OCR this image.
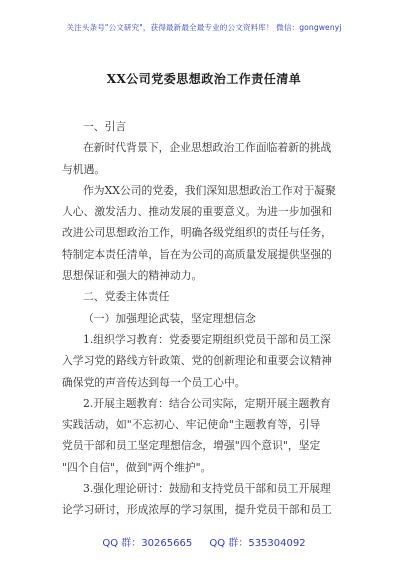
关注头条号"公文研究"，获得最新最全最专业的公文资料库！ 微信：gongwenyj
XX公司党委思想政治工作责任清单

一、引言

在新时代背景下，企业思想政治工作面临着新的挑战

与机遇。

作为XX公司的党委，我们深知思想政治工作对于凝聚

人心、激发活力、推动发展的重要意义。为进一步加强和

改进公司思想政治工作，明确各级党组织的责任与任务，

特制定本责任清单，旨在为公司的高质量发展提供坚强的

思想保证和强大的精神动力。

二、党委主体责任

（一）加强理论武装，坚定理想信念

1.组织学习教育：党委要定期组织党员干部和员工深

入学习党的路线方针政策、党的创新理论和重要会议精神

确保党的声音传达到每一个员工心中。

2.开展主题教育：结合公司实际，定期开展主题教育

实践活动，如"不忘初心、牢记使命"主题教育等，引导

党员干部和员工坚定理想信念，增强"四个意识"，坚定

"四个自信"，做到"两个维护"。

3.强化理论研讨：鼓励和支持党员干部和员工开展理

论学习研讨，形成浓厚的学习氛围，提升党员干部和员工

QQ 群：30265665 QQ 群：535304092
